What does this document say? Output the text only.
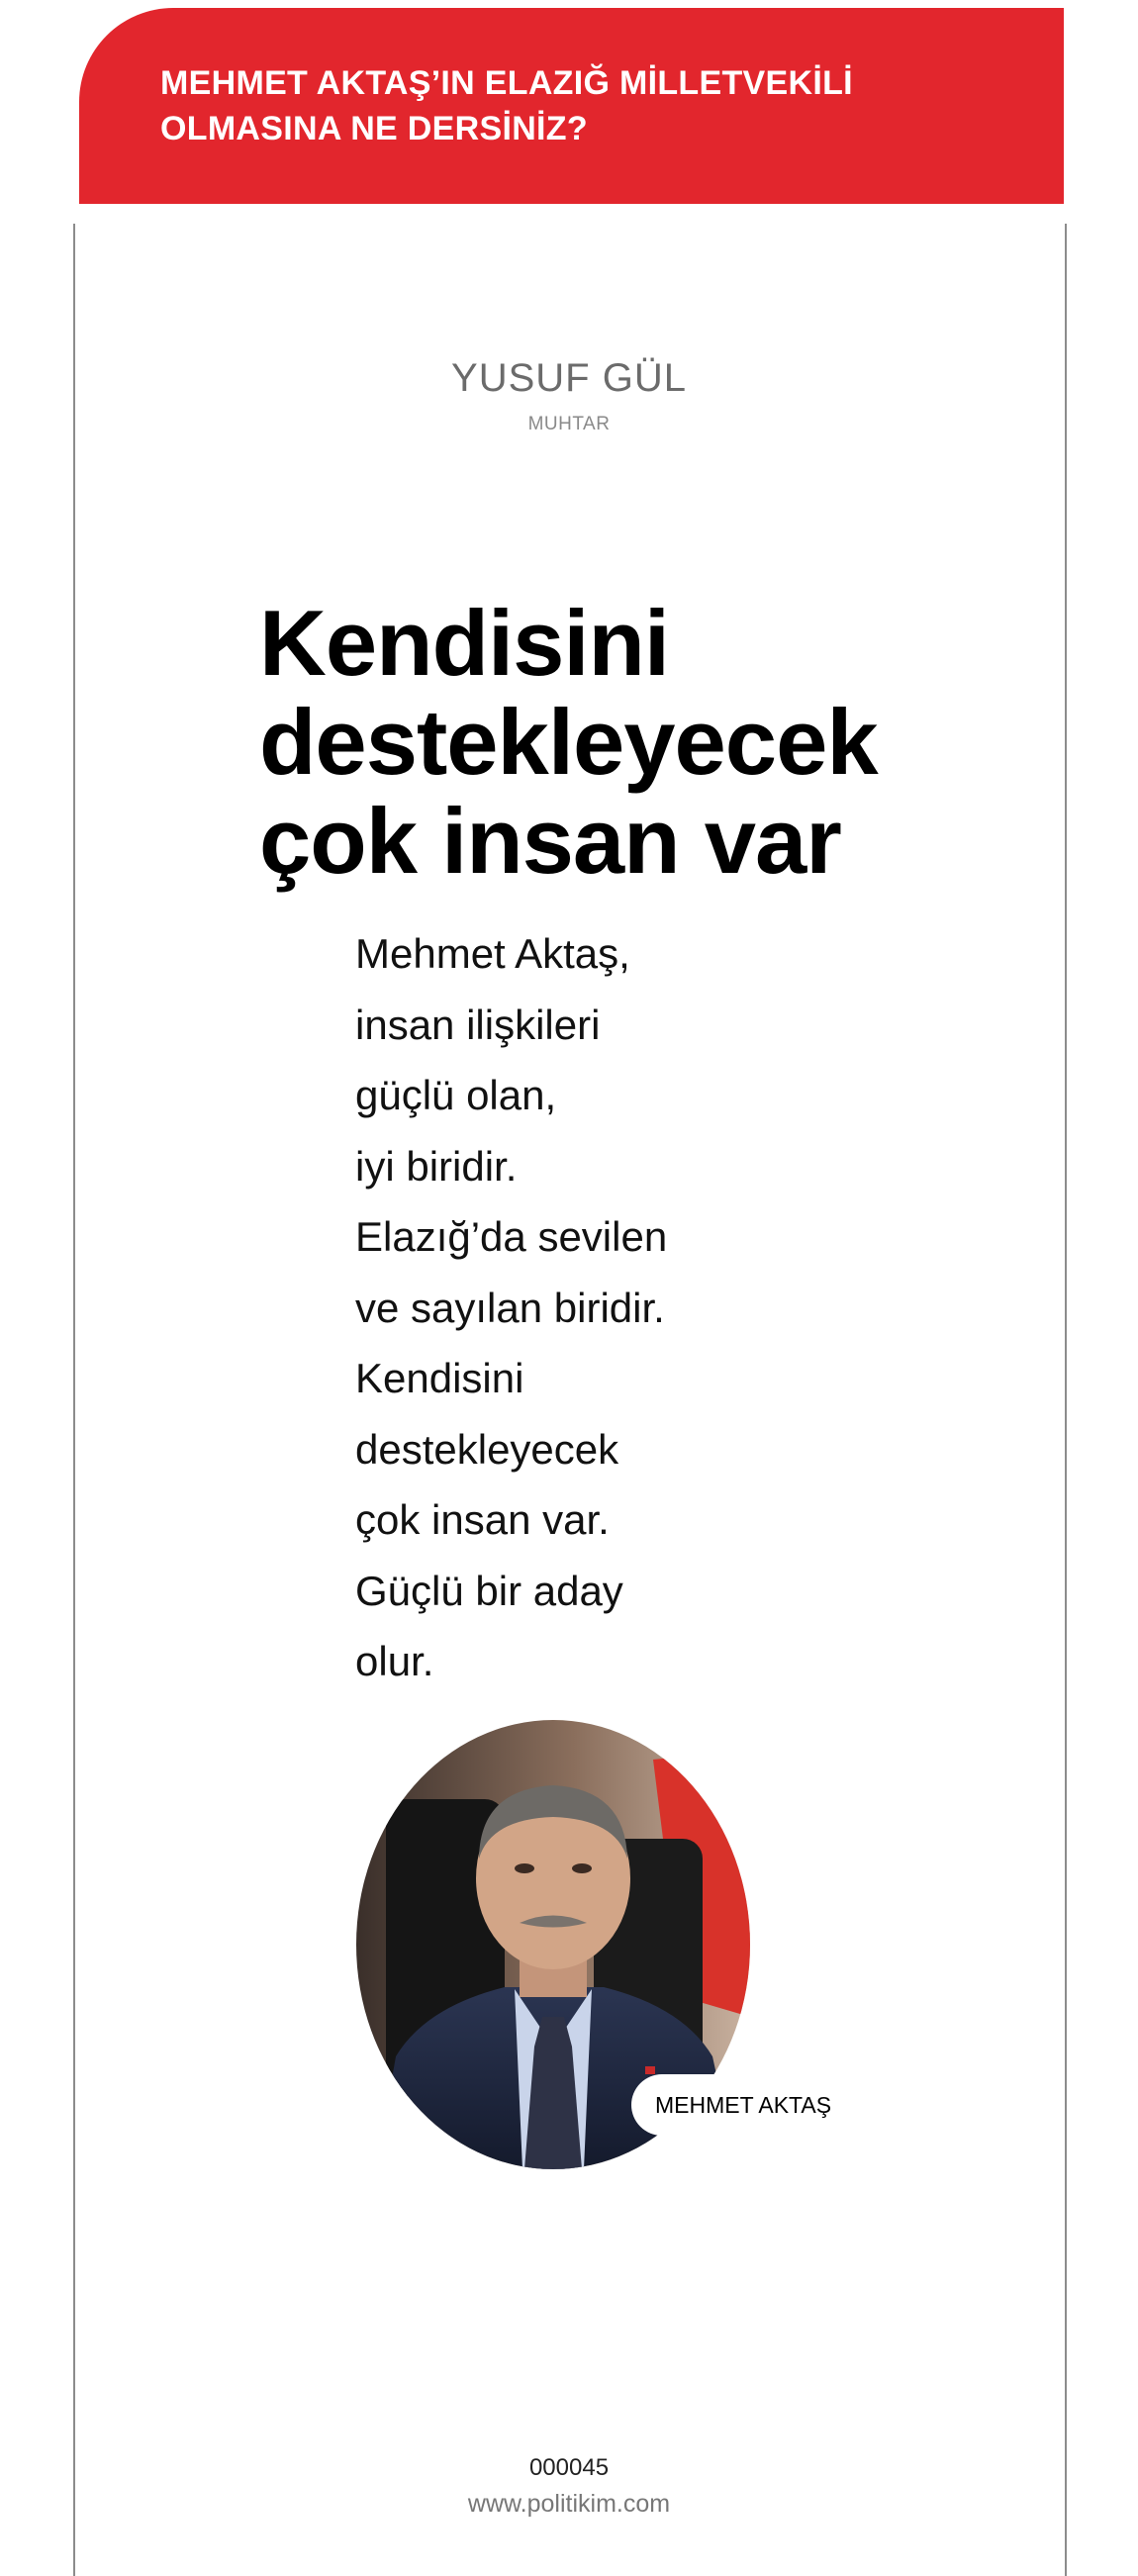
MEHMET AKTAŞ’IN ELAZIĞ MİLLETVEKİLİ OLMASINA NE DERSİNİZ?
YUSUF GÜL
MUHTAR
Kendisini
destekleyecek
çok insan var
Mehmet Aktaş,
insan ilişkileri
güçlü olan,
iyi biridir.
Elazığ’da sevilen
ve sayılan biridir.
Kendisini
destekleyecek
çok insan var.
Güçlü bir aday
olur.
MEHMET AKTAŞ
000045
www.politikim.com
